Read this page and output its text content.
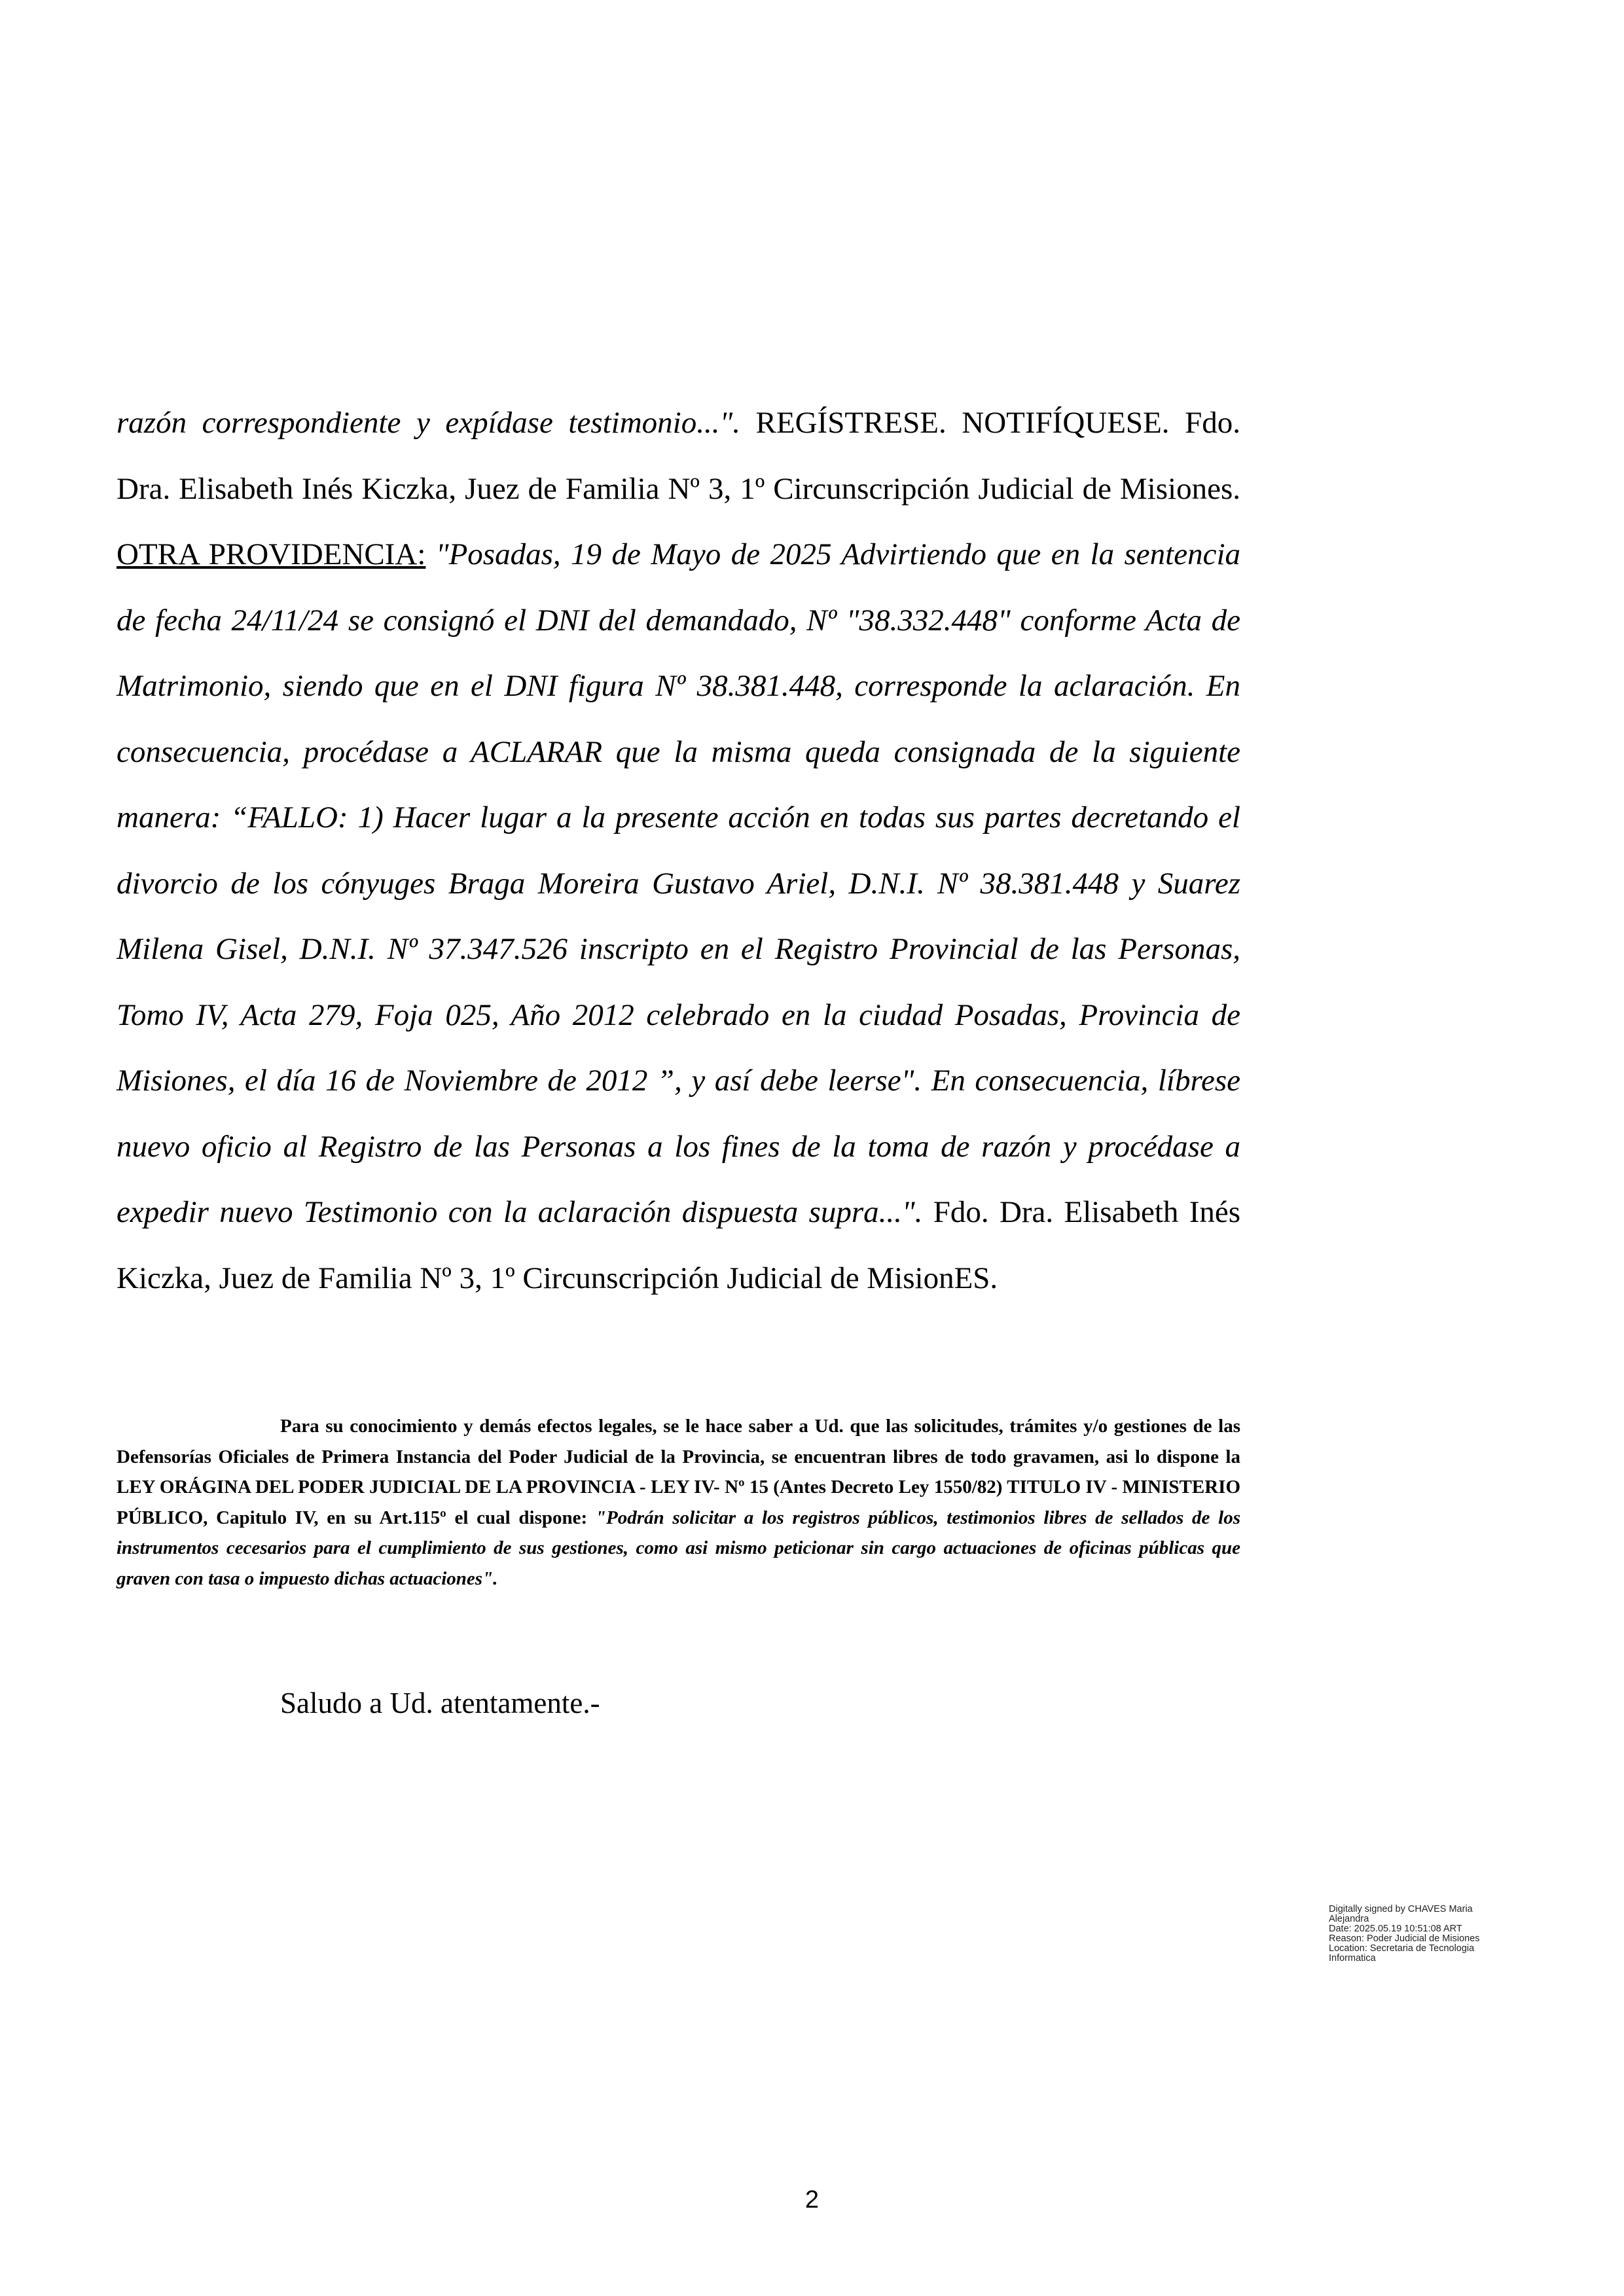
razón correspondiente y expídase testimonio...". REGÍSTRESE. NOTIFÍQUESE. Fdo. Dra. Elisabeth Inés Kiczka, Juez de Familia Nº 3, 1º Circunscripción Judicial de Misiones. OTRA PROVIDENCIA: "Posadas, 19 de Mayo de 2025 Advirtiendo que en la sentencia de fecha 24/11/24 se consignó el DNI del demandado, Nº "38.332.448" conforme Acta de Matrimonio, siendo que en el DNI figura Nº 38.381.448, corresponde la aclaración. En consecuencia, procédase a ACLARAR que la misma queda consignada de la siguiente manera: “FALLO: 1) Hacer lugar a la presente acción en todas sus partes decretando el divorcio de los cónyuges Braga Moreira Gustavo Ariel, D.N.I. Nº 38.381.448 y Suarez Milena Gisel, D.N.I. Nº 37.347.526 inscripto en el Registro Provincial de las Personas, Tomo IV, Acta 279, Foja 025, Año 2012 celebrado en la ciudad Posadas, Provincia de Misiones, el día 16 de Noviembre de 2012 ”, y así debe leerse". En consecuencia, líbrese nuevo oficio al Registro de las Personas a los fines de la toma de razón y procédase a expedir nuevo Testimonio con la aclaración dispuesta supra...". Fdo. Dra. Elisabeth Inés Kiczka, Juez de Familia Nº 3, 1º Circunscripción Judicial de MisionES.

Para su conocimiento y demás efectos legales, se le hace saber a Ud. que las solicitudes, trámites y/o gestiones de las Defensorías Oficiales de Primera Instancia del Poder Judicial de la Provincia, se encuentran libres de todo gravamen, asi lo dispone la LEY ORÁGINA DEL PODER JUDICIAL DE LA PROVINCIA - LEY IV- Nº 15 (Antes Decreto Ley 1550/82) TITULO IV - MINISTERIO PÚBLICO, Capitulo IV, en su Art.115º el cual dispone: "Podrán solicitar a los registros públicos, testimonios libres de sellados de los instrumentos cecesarios para el cumplimiento de sus gestiones, como asi mismo peticionar sin cargo actuaciones de oficinas públicas que graven con tasa o impuesto dichas actuaciones".

Saludo a Ud. atentamente.-

Digitally signed by CHAVES Maria
Alejandra
Date: 2025.05.19 10:51:08 ART
Reason: Poder Judicial de Misiones
Location: Secretaria de Tecnologia
Informatica
2
